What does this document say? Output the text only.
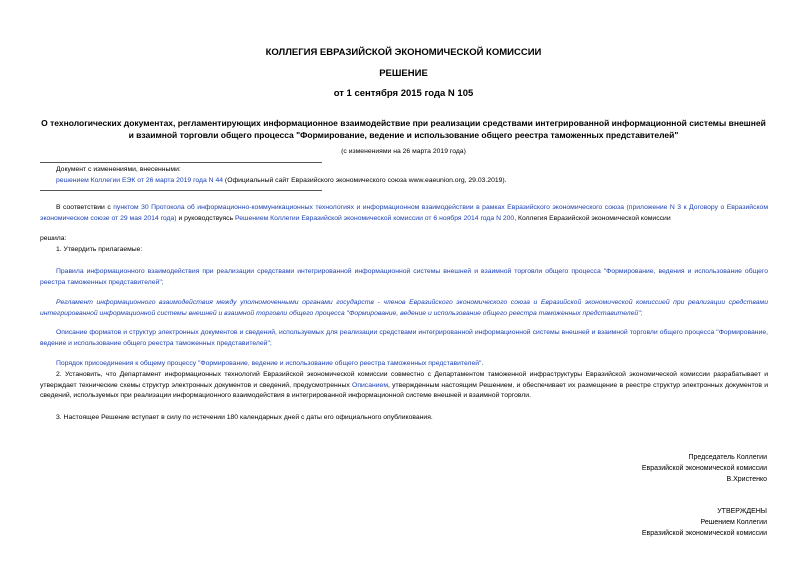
КОЛЛЕГИЯ ЕВРАЗИЙСКОЙ ЭКОНОМИЧЕСКОЙ КОМИССИИ
РЕШЕНИЕ
от 1 сентября 2015 года N 105
О технологических документах, регламентирующих информационное взаимодействие при реализации средствами интегрированной информационной системы внешней и взаимной торговли общего процесса "Формирование, ведение и использование общего реестра таможенных представителей"
(с изменениями на 26 марта 2019 года)
Документ с изменениями, внесенными:
решением Коллегии ЕЭК от 26 марта 2019 года N 44 (Официальный сайт Евразийского экономического союза www.eaeunion.org, 29.03.2019).
В соответствии с пунктом 30 Протокола об информационно-коммуникационных технологиях и информационном взаимодействии в рамках Евразийского экономического союза (приложение N 3 к Договору о Евразийском экономическом союзе от 29 мая 2014 года) и руководствуясь Решением Коллегии Евразийской экономической комиссии от 6 ноября 2014 года N 200, Коллегия Евразийской экономической комиссии
решила:
1. Утвердить прилагаемые:
Правила информационного взаимодействия при реализации средствами интегрированной информационной системы внешней и взаимной торговли общего процесса "Формирование, ведения и использование общего реестра таможенных представителей";
Регламент информационного взаимодействия между уполномоченными органами государств - членов Евразийского экономического союза и Евразийской экономической комиссией при реализации средствами интегрированной информационной системы внешней и взаимной торговли общего процесса "Формирование, ведение и использование общего реестра таможенных представителей";
Описание форматов и структур электронных документов и сведений, используемых для реализации средствами интегрированной информационной системы внешней и взаимной торговли общего процесса "Формирование, ведение и использование общего реестра таможенных представителей";
Порядок присоединения к общему процессу "Формирование, ведение и использование общего реестра таможенных представителей".
2. Установить, что Департамент информационных технологий Евразийской экономической комиссии совместно с Департаментом таможенной инфраструктуры Евразийской экономической комиссии разрабатывает и утверждает технические схемы структур электронных документов и сведений, предусмотренных Описанием, утвержденным настоящим Решением, и обеспечивает их размещение в реестре структур электронных документов и сведений, используемых при реализации информационного взаимодействия в интегрированной информационной системе внешней и взаимной торговли.
3. Настоящее Решение вступает в силу по истечении 180 календарных дней с даты его официального опубликования.
Председатель Коллегии
Евразийской экономической комиссии
В.Христенко
УТВЕРЖДЕНЫ
Решением Коллегии
Евразийской экономической комиссии
